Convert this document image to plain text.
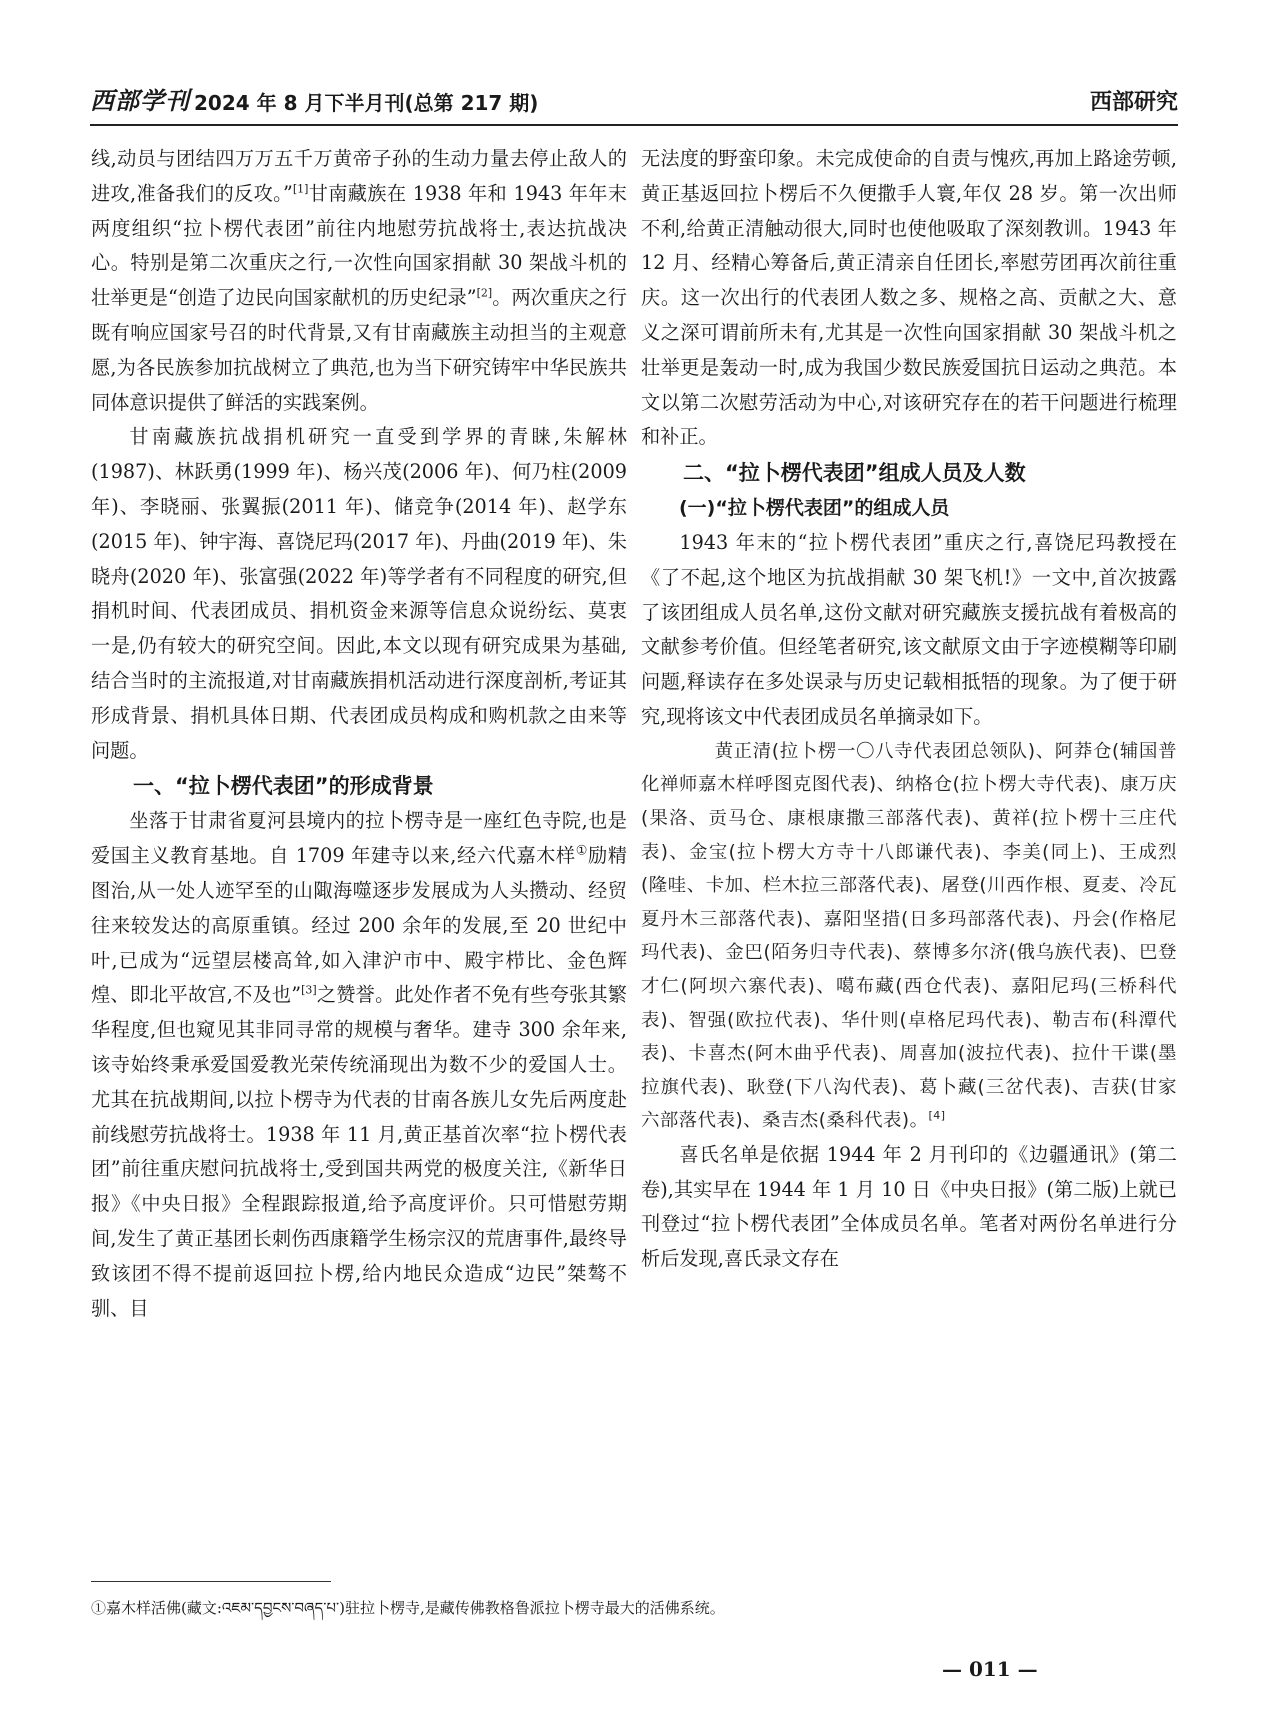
西部学刊 2024 年 8 月下半月刊(总第 217 期)	西部研究

线,动员与团结四万万五千万黄帝子孙的生动力量去停止敌人的进攻,准备我们的反攻。”[1]甘南藏族在 1938 年和 1943 年年末两度组织“拉卜楞代表团”前往内地慰劳抗战将士,表达抗战决心。特别是第二次重庆之行,一次性向国家捐献 30 架战斗机的壮举更是“创造了边民向国家献机的历史纪录”[2]。两次重庆之行既有响应国家号召的时代背景,又有甘南藏族主动担当的主观意愿,为各民族参加抗战树立了典范,也为当下研究铸牢中华民族共同体意识提供了鲜活的实践案例。

甘南藏族抗战捐机研究一直受到学界的青睐,朱解林(1987)、林跃勇(1999 年)、杨兴茂(2006 年)、何乃柱(2009 年)、李晓丽、张翼振(2011 年)、储竞争(2014 年)、赵学东(2015 年)、钟宇海、喜饶尼玛(2017 年)、丹曲(2019 年)、朱晓舟(2020 年)、张富强(2022 年)等学者有不同程度的研究,但捐机时间、代表团成员、捐机资金来源等信息众说纷纭、莫衷一是,仍有较大的研究空间。因此,本文以现有研究成果为基础,结合当时的主流报道,对甘南藏族捐机活动进行深度剖析,考证其形成背景、捐机具体日期、代表团成员构成和购机款之由来等问题。

一、“拉卜楞代表团”的形成背景

坐落于甘肃省夏河县境内的拉卜楞寺是一座红色寺院,也是爱国主义教育基地。自 1709 年建寺以来,经六代嘉木样①励精图治,从一处人迹罕至的山陬海噬逐步发展成为人头攒动、经贸往来较发达的高原重镇。经过 200 余年的发展,至 20 世纪中叶,已成为“远望层楼高耸,如入津沪市中、殿宇栉比、金色辉煌、即北平故宫,不及也”[3]之赞誉。此处作者不免有些夸张其繁华程度,但也窥见其非同寻常的规模与奢华。建寺 300 余年来,该寺始终秉承爱国爱教光荣传统涌现出为数不少的爱国人士。尤其在抗战期间,以拉卜楞寺为代表的甘南各族儿女先后两度赴前线慰劳抗战将士。1938 年 11 月,黄正基首次率“拉卜楞代表团”前往重庆慰问抗战将士,受到国共两党的极度关注,《新华日报》《中央日报》全程跟踪报道,给予高度评价。只可惜慰劳期间,发生了黄正基团长刺伤西康籍学生杨宗汉的荒唐事件,最终导致该团不得不提前返回拉卜楞,给内地民众造成“边民”桀骜不驯、目

无法度的野蛮印象。未完成使命的自责与愧疚,再加上路途劳顿,黄正基返回拉卜楞后不久便撒手人寰,年仅 28 岁。第一次出师不利,给黄正清触动很大,同时也使他吸取了深刻教训。1943 年 12 月、经精心筹备后,黄正清亲自任团长,率慰劳团再次前往重庆。这一次出行的代表团人数之多、规格之高、贡献之大、意义之深可谓前所未有,尤其是一次性向国家捐献 30 架战斗机之壮举更是轰动一时,成为我国少数民族爱国抗日运动之典范。本文以第二次慰劳活动为中心,对该研究存在的若干问题进行梳理和补正。

二、“拉卜楞代表团”组成人员及人数
(一)“拉卜楞代表团”的组成人员

1943 年末的“拉卜楞代表团”重庆之行,喜饶尼玛教授在《了不起,这个地区为抗战捐献 30 架飞机!》一文中,首次披露了该团组成人员名单,这份文献对研究藏族支援抗战有着极高的文献参考价值。但经笔者研究,该文献原文由于字迹模糊等印刷问题,释读存在多处误录与历史记载相抵牾的现象。为了便于研究,现将该文中代表团成员名单摘录如下。

黄正清(拉卜楞一〇八寺代表团总领队)、阿莽仓(辅国普化禅师嘉木样呼图克图代表)、纳格仓(拉卜楞大寺代表)、康万庆(果洛、贡马仓、康根康撒三部落代表)、黄祥(拉卜楞十三庄代表)、金宝(拉卜楞大方寺十八郎谦代表)、李美(同上)、王成烈(隆哇、卡加、栏木拉三部落代表)、屠登(川西作根、夏麦、冷瓦夏丹木三部落代表)、嘉阳坚措(日多玛部落代表)、丹会(作格尼玛代表)、金巴(陌务归寺代表)、蔡博多尔济(俄乌族代表)、巴登才仁(阿坝六寨代表)、噶布藏(西仓代表)、嘉阳尼玛(三桥科代表)、智强(欧拉代表)、华什则(卓格尼玛代表)、勒吉布(科潭代表)、卡喜杰(阿木曲乎代表)、周喜加(波拉代表)、拉什干谍(墨拉旗代表)、耿登(下八沟代表)、葛卜藏(三岔代表)、吉获(甘家六部落代表)、桑吉杰(桑科代表)。[4]

喜氏名单是依据 1944 年 2 月刊印的《边疆通讯》(第二卷),其实早在 1944 年 1 月 10 日《中央日报》(第二版)上就已刊登过“拉卜楞代表团”全体成员名单。笔者对两份名单进行分析后发现,喜氏录文存在

①嘉木样活佛(藏文:འཇམ་དབྱངས་བཞད་པ་)驻拉卜楞寺,是藏传佛教格鲁派拉卜楞寺最大的活佛系统。
— 011 —
